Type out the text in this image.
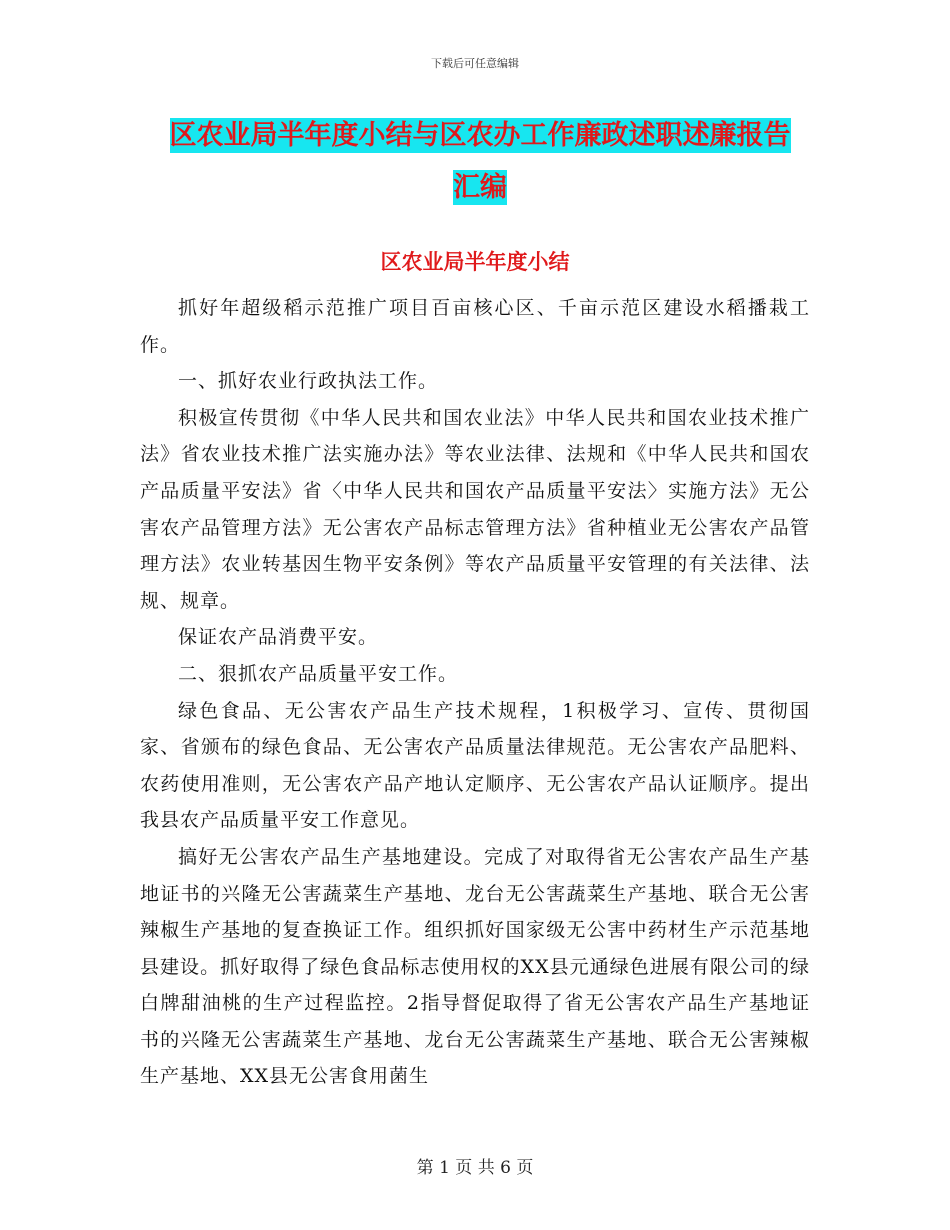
下载后可任意编辑
区农业局半年度小结与区农办工作廉政述职述廉报告
汇编
区农业局半年度小结

抓好年超级稻示范推广项目百亩核心区、千亩示范区建设水稻播栽工作。

一、抓好农业行政执法工作。

积极宣传贯彻《中华人民共和国农业法》中华人民共和国农业技术推广法》省农业技术推广法实施办法》等农业法律、法规和《中华人民共和国农产品质量平安法》省〈中华人民共和国农产品质量平安法〉实施方法》无公害农产品管理方法》无公害农产品标志管理方法》省种植业无公害农产品管理方法》农业转基因生物平安条例》等农产品质量平安管理的有关法律、法规、规章。

保证农产品消费平安。

二、狠抓农产品质量平安工作。

绿色食品、无公害农产品生产技术规程，1积极学习、宣传、贯彻国家、省颁布的绿色食品、无公害农产品质量法律规范。无公害农产品肥料、农药使用准则，无公害农产品产地认定顺序、无公害农产品认证顺序。提出我县农产品质量平安工作意见。

搞好无公害农产品生产基地建设。完成了对取得省无公害农产品生产基地证书的兴隆无公害蔬菜生产基地、龙台无公害蔬菜生产基地、联合无公害辣椒生产基地的复查换证工作。组织抓好国家级无公害中药材生产示范基地县建设。抓好取得了绿色食品标志使用权的XX县元通绿色进展有限公司的绿白牌甜油桃的生产过程监控。2指导督促取得了省无公害农产品生产基地证书的兴隆无公害蔬菜生产基地、龙台无公害蔬菜生产基地、联合无公害辣椒生产基地、XX县无公害食用菌生

第 1 页 共 6 页
